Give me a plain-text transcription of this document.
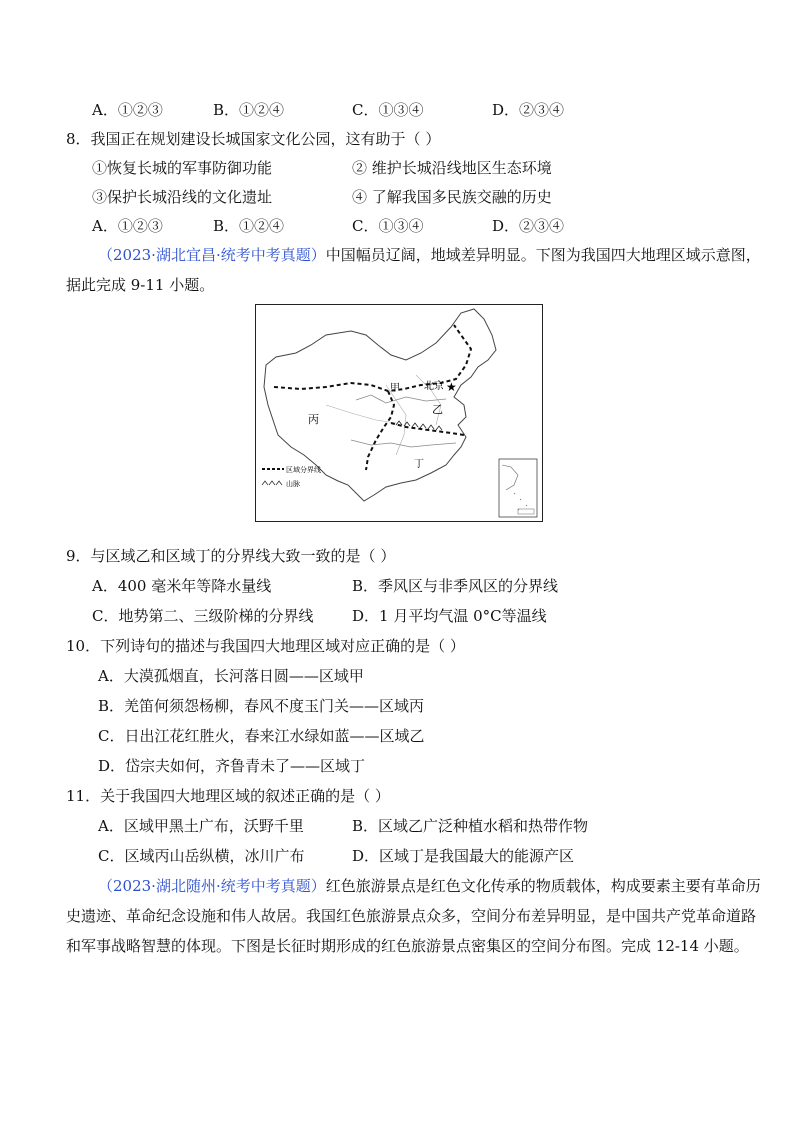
A．①②③	B．①②④	C．①③④	D．②③④
8．我国正在规划建设长城国家文化公园，这有助于（ ）
①恢复长城的军事防御功能	② 维护长城沿线地区生态环境
③保护长城沿线的文化遗址	④ 了解我国多民族交融的历史
A．①②③	B．①②④	C．①③④	D．②③④
（2023·湖北宜昌·统考中考真题）中国幅员辽阔，地域差异明显。下图为我国四大地理区域示意图，
据此完成 9-11 小题。
甲 北京 ★
乙
丙
丁
区域分界线
山脉
9．与区域乙和区域丁的分界线大致一致的是（ ）
A．400 毫米年等降水量线	B．季风区与非季风区的分界线
C．地势第二、三级阶梯的分界线	D．1 月平均气温 0°C等温线
10．下列诗句的描述与我国四大地理区域对应正确的是（ ）
A．大漠孤烟直，长河落日圆——区域甲
B．羌笛何须怨杨柳，春风不度玉门关——区域丙
C．日出江花红胜火，春来江水绿如蓝——区域乙
D．岱宗夫如何，齐鲁青未了——区域丁
11．关于我国四大地理区域的叙述正确的是（ ）
A．区域甲黑土广布，沃野千里	B．区域乙广泛种植水稻和热带作物
C．区域丙山岳纵横，冰川广布	D．区域丁是我国最大的能源产区
（2023·湖北随州·统考中考真题）红色旅游景点是红色文化传承的物质载体，构成要素主要有革命历
史遗迹、革命纪念设施和伟人故居。我国红色旅游景点众多，空间分布差异明显，是中国共产党革命道路
和军事战略智慧的体现。下图是长征时期形成的红色旅游景点密集区的空间分布图。完成 12-14 小题。
